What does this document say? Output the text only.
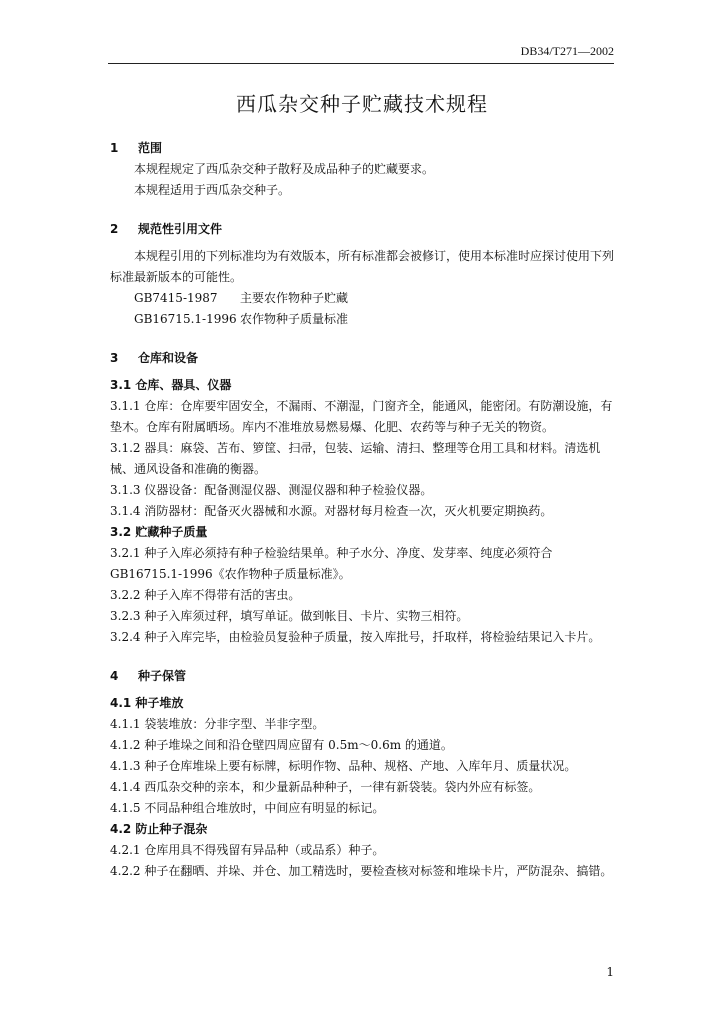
DB34/T271—2002
西瓜杂交种子贮藏技术规程
1 范围
本规程规定了西瓜杂交种子散籽及成品种子的贮藏要求。
本规程适用于西瓜杂交种子。
2 规范性引用文件
本规程引用的下列标准均为有效版本，所有标准都会被修订，使用本标准时应探讨使用下列标准最新版本的可能性。
GB7415-1987 主要农作物种子贮藏
GB16715.1-1996 农作物种子质量标准
3 仓库和设备
3.1 仓库、器具、仪器
3.1.1 仓库：仓库要牢固安全，不漏雨、不潮湿，门窗齐全，能通风，能密闭。有防潮设施，有垫木。仓库有附属晒场。库内不准堆放易燃易爆、化肥、农药等与种子无关的物资。
3.1.2 器具：麻袋、苫布、箩筐、扫帚，包装、运输、清扫、整理等仓用工具和材料。清选机械、通风设备和准确的衡器。
3.1.3 仪器设备：配备测湿仪器、测湿仪器和种子检验仪器。
3.1.4 消防器材：配备灭火器械和水源。对器材每月检查一次，灭火机要定期换药。
3.2 贮藏种子质量
3.2.1 种子入库必须持有种子检验结果单。种子水分、净度、发芽率、纯度必须符合GB16715.1-1996《农作物种子质量标准》。
3.2.2 种子入库不得带有活的害虫。
3.2.3 种子入库须过秤，填写单证。做到帐目、卡片、实物三相符。
3.2.4 种子入库完毕，由检验员复验种子质量，按入库批号，扦取样，将检验结果记入卡片。
4 种子保管
4.1 种子堆放
4.1.1 袋装堆放：分非字型、半非字型。
4.1.2 种子堆垛之间和沿仓壁四周应留有 0.5m～0.6m 的通道。
4.1.3 种子仓库堆垛上要有标牌，标明作物、品种、规格、产地、入库年月、质量状况。
4.1.4 西瓜杂交种的亲本，和少量新品种种子，一律有新袋装。袋内外应有标签。
4.1.5 不同品种组合堆放时，中间应有明显的标记。
4.2 防止种子混杂
4.2.1 仓库用具不得残留有异品种（或品系）种子。
4.2.2 种子在翻晒、并垛、并仓、加工精选时，要检查核对标签和堆垛卡片，严防混杂、搞错。
1
